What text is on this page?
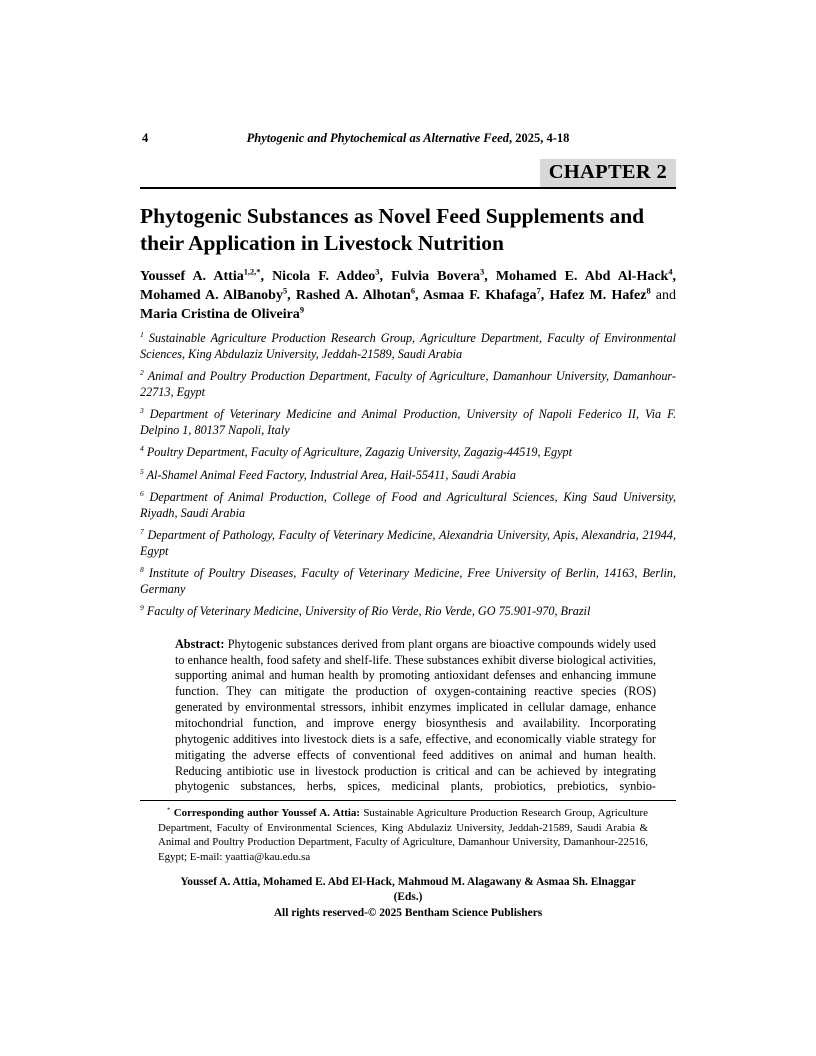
4	Phytogenic and Phytochemical as Alternative Feed, 2025, 4-18
CHAPTER 2
Phytogenic Substances as Novel Feed Supplements and their Application in Livestock Nutrition

Youssef A. Attia$^{1,2,*}$, Nicola F. Addeo$^3$, Fulvia Bovera$^3$, Mohamed E. Abd Al-Hack$^4$, Mohamed A. AlBanoby$^5$, Rashed A. Alhotan$^6$, Asmaa F. Khafaga$^7$, Hafez M. Hafez$^8$ and Maria Cristina de Oliveira$^9$

$^1$ Sustainable Agriculture Production Research Group, Agriculture Department, Faculty of Environmental Sciences, King Abdulaziz University, Jeddah-21589, Saudi Arabia

$^2$ Animal and Poultry Production Department, Faculty of Agriculture, Damanhour University, Damanhour-22713, Egypt

$^3$ Department of Veterinary Medicine and Animal Production, University of Napoli Federico II, Via F. Delpino 1, 80137 Napoli, Italy

$^4$ Poultry Department, Faculty of Agriculture, Zagazig University, Zagazig-44519, Egypt

$^5$ Al-Shamel Animal Feed Factory, Industrial Area, Hail-55411, Saudi Arabia

$^6$ Department of Animal Production, College of Food and Agricultural Sciences, King Saud University, Riyadh, Saudi Arabia

$^7$ Department of Pathology, Faculty of Veterinary Medicine, Alexandria University, Apis, Alexandria, 21944, Egypt

$^8$ Institute of Poultry Diseases, Faculty of Veterinary Medicine, Free University of Berlin, 14163, Berlin, Germany

$^9$ Faculty of Veterinary Medicine, University of Rio Verde, Rio Verde, GO 75.901-970, Brazil

Abstract: Phytogenic substances derived from plant organs are bioactive compounds widely used to enhance health, food safety and shelf-life. These substances exhibit diverse biological activities, supporting animal and human health by promoting antioxidant defenses and enhancing immune function. They can mitigate the production of oxygen-containing reactive species (ROS) generated by environmental stressors, inhibit enzymes implicated in cellular damage, enhance mitochondrial function, and improve energy biosynthesis and availability. Incorporating phytogenic additives into livestock diets is a safe, effective, and economically viable strategy for mitigating the adverse effects of conventional feed additives on animal and human health. Reducing antibiotic use in livestock production is critical and can be achieved by integrating phytogenic substances, herbs, spices, medicinal plants, probiotics, prebiotics, synbio-
* Corresponding author Youssef A. Attia: Sustainable Agriculture Production Research Group, Agriculture Department, Faculty of Environmental Sciences, King Abdulaziz University, Jeddah-21589, Saudi Arabia & Animal and Poultry Production Department, Faculty of Agriculture, Damanhour University, Damanhour-22516, Egypt; E-mail: yaattia@kau.edu.sa
Youssef A. Attia, Mohamed E. Abd El-Hack, Mahmoud M. Alagawany & Asmaa Sh. Elnaggar
(Eds.)
All rights reserved-© 2025 Bentham Science Publishers
